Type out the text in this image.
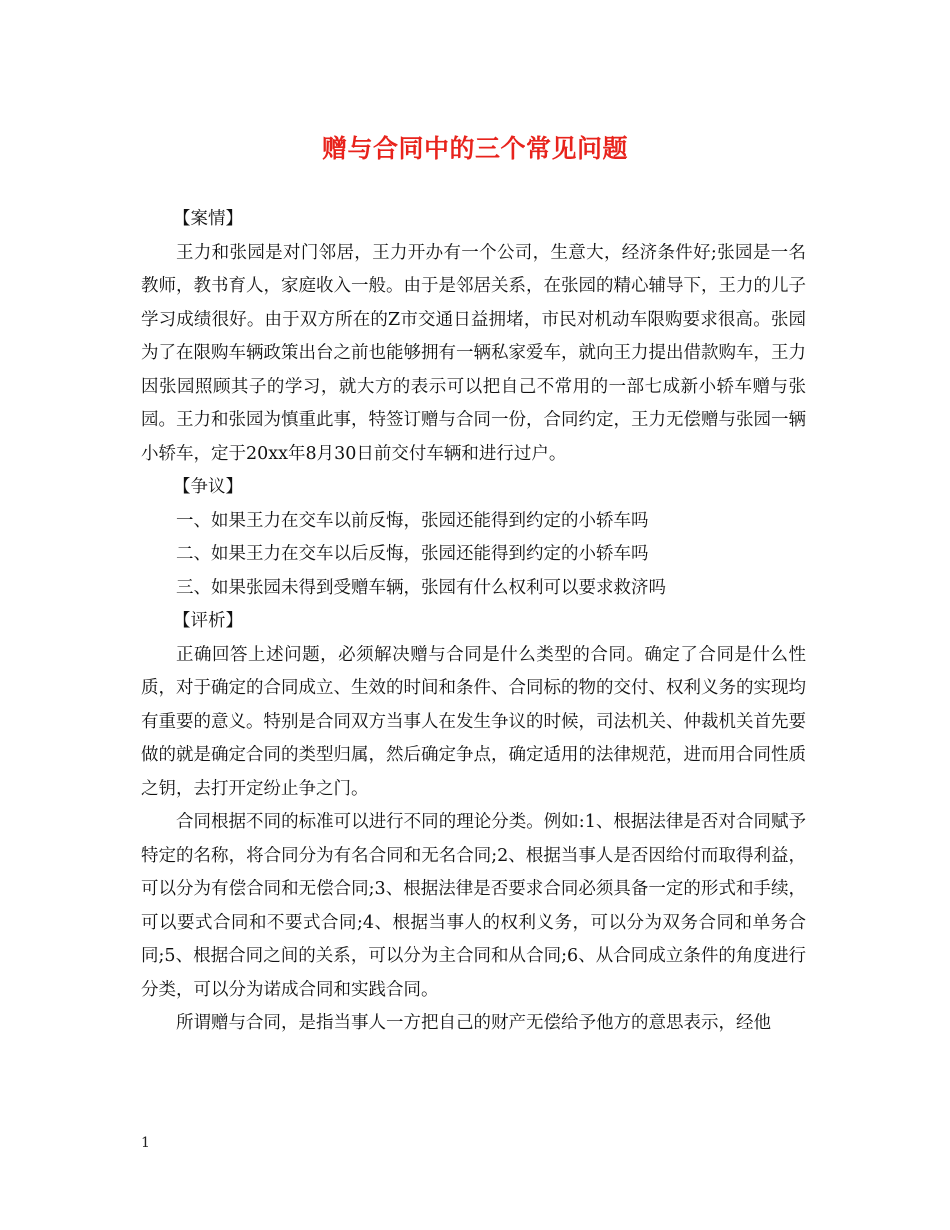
赠与合同中的三个常见问题

【案情】

王力和张园是对门邻居，王力开办有一个公司，生意大，经济条件好;张园是一名教师，教书育人，家庭收入一般。由于是邻居关系，在张园的精心辅导下，王力的儿子学习成绩很好。由于双方所在的Z市交通日益拥堵，市民对机动车限购要求很高。张园为了在限购车辆政策出台之前也能够拥有一辆私家爱车，就向王力提出借款购车，王力因张园照顾其子的学习，就大方的表示可以把自己不常用的一部七成新小轿车赠与张园。王力和张园为慎重此事，特签订赠与合同一份，合同约定，王力无偿赠与张园一辆小轿车，定于20xx年8月30日前交付车辆和进行过户。

【争议】

一、如果王力在交车以前反悔，张园还能得到约定的小轿车吗

二、如果王力在交车以后反悔，张园还能得到约定的小轿车吗

三、如果张园未得到受赠车辆，张园有什么权利可以要求救济吗

【评析】

正确回答上述问题，必须解决赠与合同是什么类型的合同。确定了合同是什么性质，对于确定的合同成立、生效的时间和条件、合同标的物的交付、权利义务的实现均有重要的意义。特别是合同双方当事人在发生争议的时候，司法机关、仲裁机关首先要做的就是确定合同的类型归属，然后确定争点，确定适用的法律规范，进而用合同性质之钥，去打开定纷止争之门。

合同根据不同的标准可以进行不同的理论分类。例如:1、根据法律是否对合同赋予特定的名称，将合同分为有名合同和无名合同;2、根据当事人是否因给付而取得利益，可以分为有偿合同和无偿合同;3、根据法律是否要求合同必须具备一定的形式和手续，可以要式合同和不要式合同;4、根据当事人的权利义务，可以分为双务合同和单务合同;5、根据合同之间的关系，可以分为主合同和从合同;6、从合同成立条件的角度进行分类，可以分为诺成合同和实践合同。

所谓赠与合同，是指当事人一方把自己的财产无偿给予他方的意思表示，经他

1
